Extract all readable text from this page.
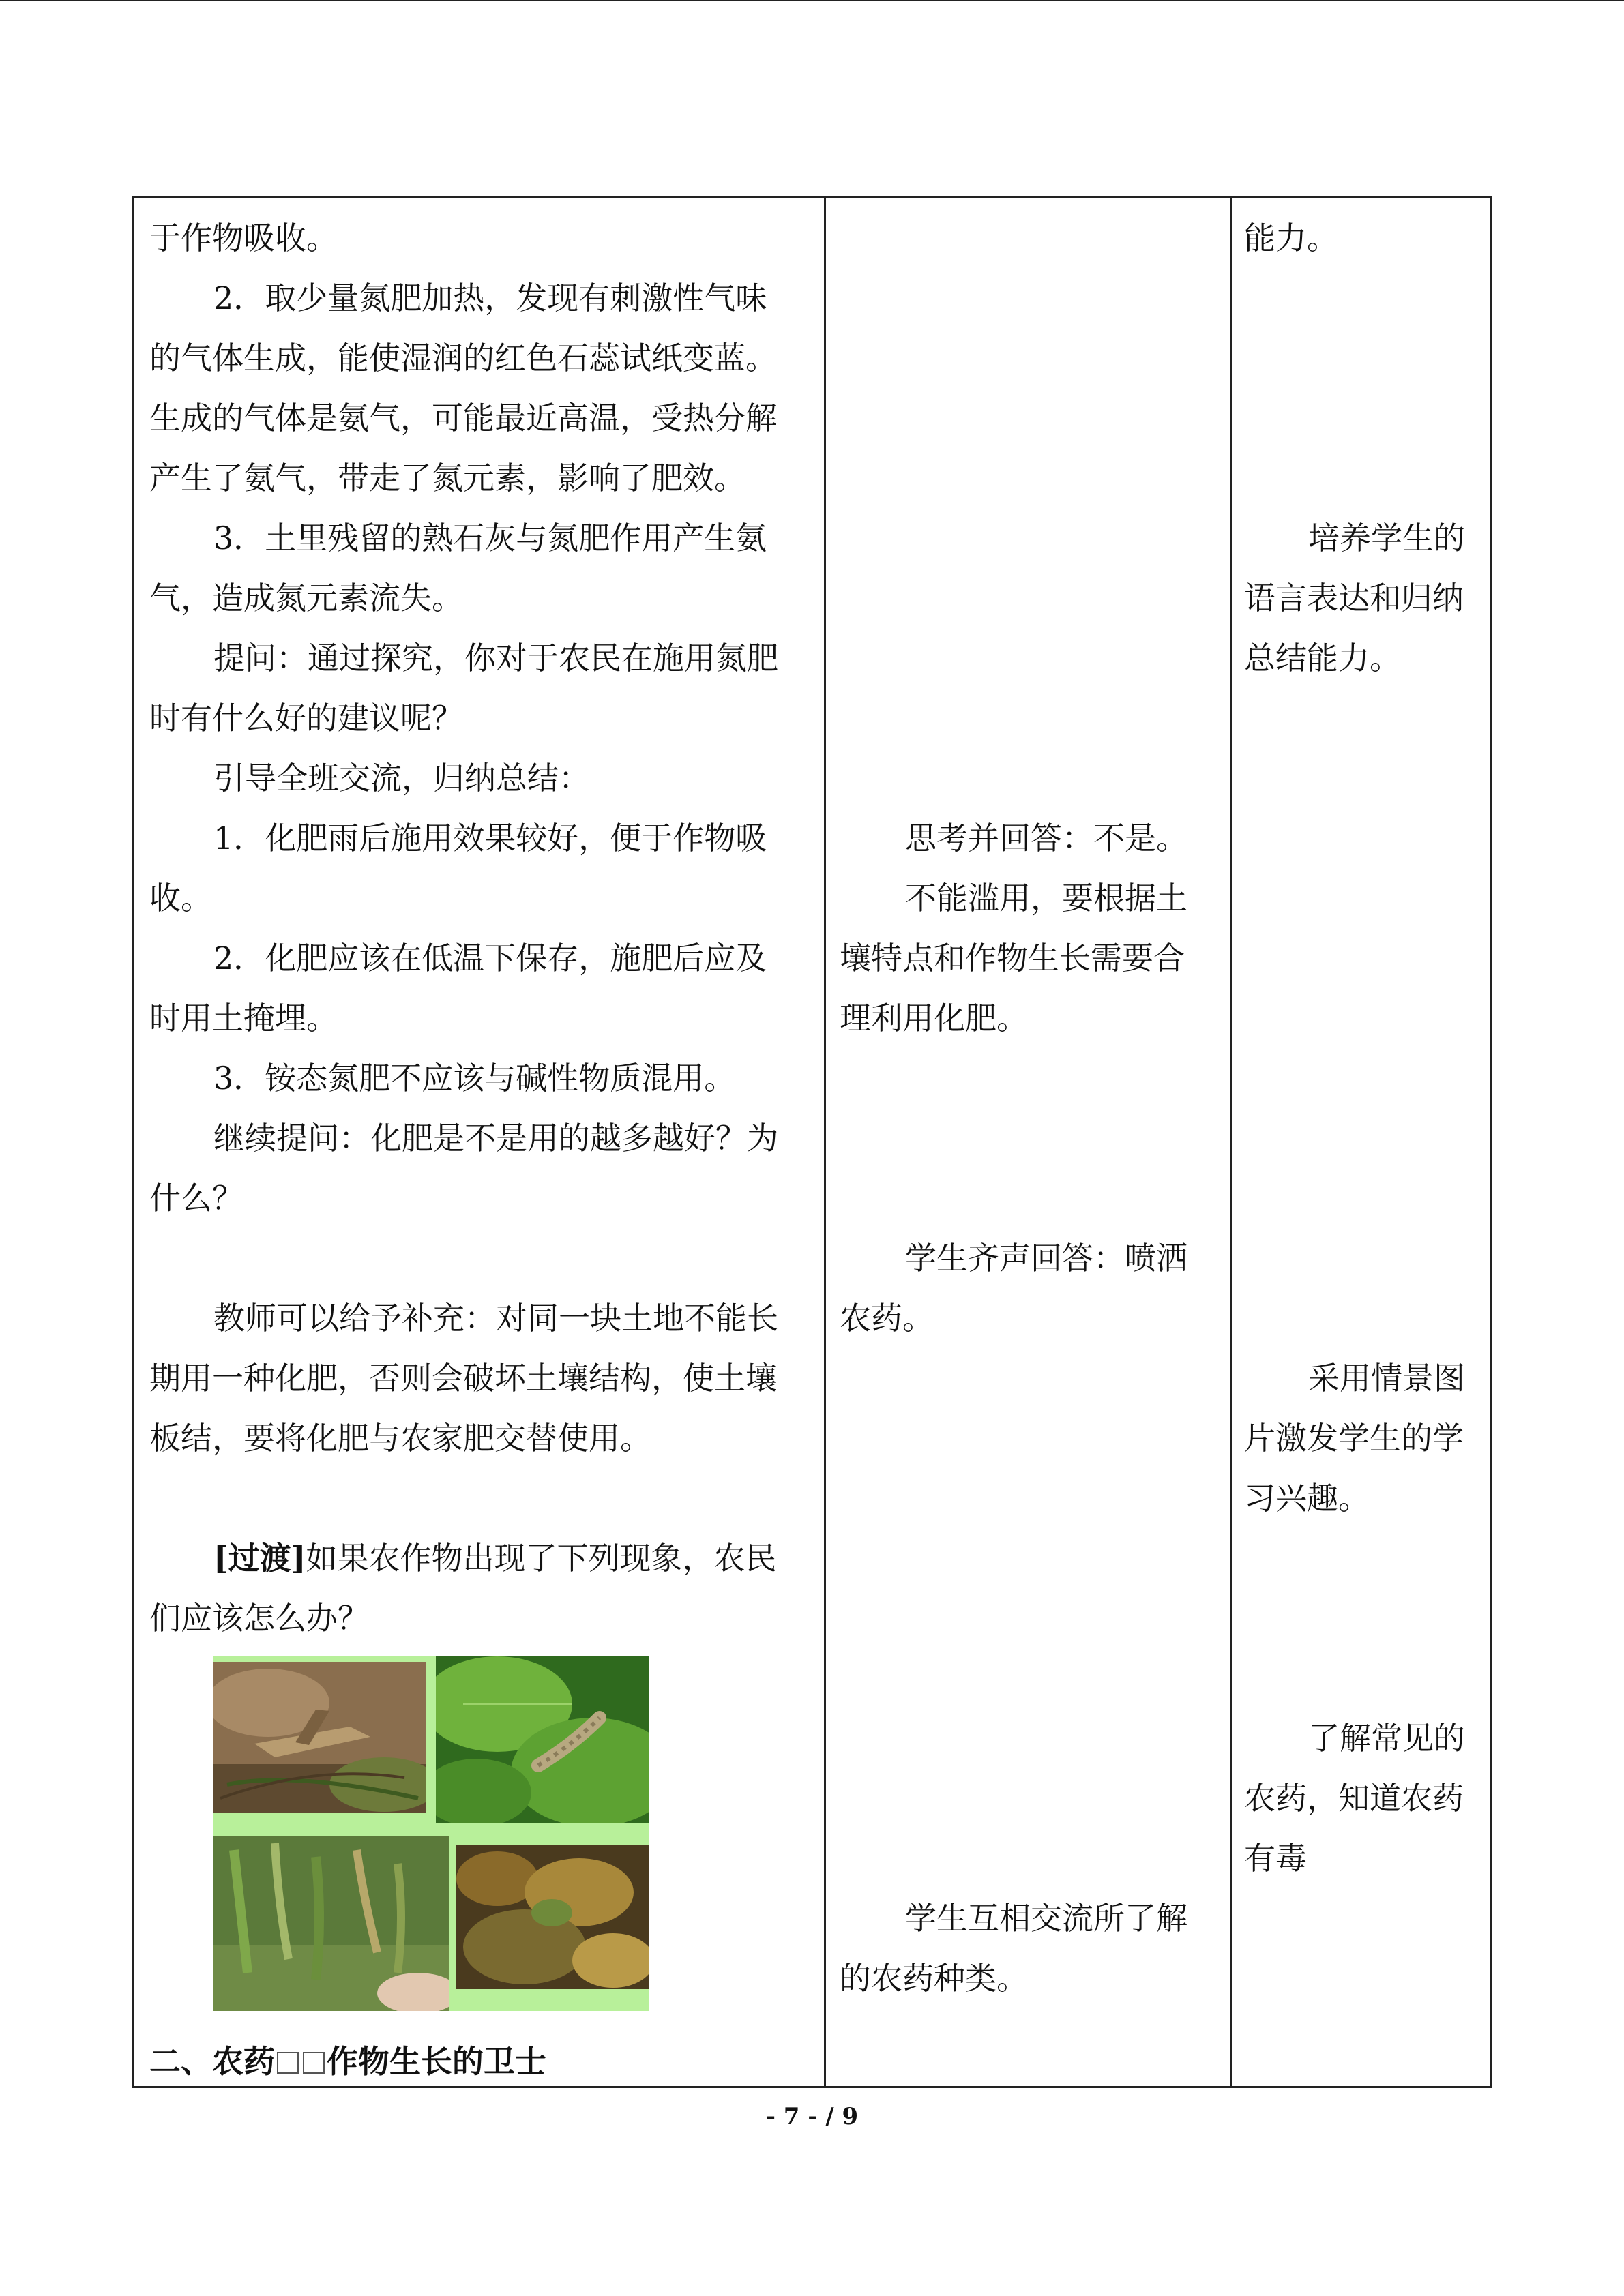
于作物吸收。
2．取少量氮肥加热，发现有刺激性气味
的气体生成，能使湿润的红色石蕊试纸变蓝。
生成的气体是氨气，可能最近高温，受热分解
产生了氨气，带走了氮元素，影响了肥效。
3．土里残留的熟石灰与氮肥作用产生氨
气，造成氮元素流失。
提问：通过探究，你对于农民在施用氮肥
时有什么好的建议呢？
引导全班交流，归纳总结：
1．化肥雨后施用效果较好，便于作物吸
收。
2．化肥应该在低温下保存，施肥后应及
时用土掩埋。
3．铵态氮肥不应该与碱性物质混用。
继续提问：化肥是不是用的越多越好？为
什么？
教师可以给予补充：对同一块土地不能长
期用一种化肥，否则会破坏土壤结构，使土壤
板结，要将化肥与农家肥交替使用。
[过渡]如果农作物出现了下列现象，农民
们应该怎么办？
二、农药 作物生长的卫士
思考并回答：不是。
不能滥用，要根据土
壤特点和作物生长需要合
理利用化肥。
学生齐声回答：喷洒
农药。
学生互相交流所了解
的农药种类。
能力。
培养学生的
语言表达和归纳
总结能力。
采用情景图
片激发学生的学
习兴趣。
了解常见的
农药，知道农药
有毒
- 7 - / 9
